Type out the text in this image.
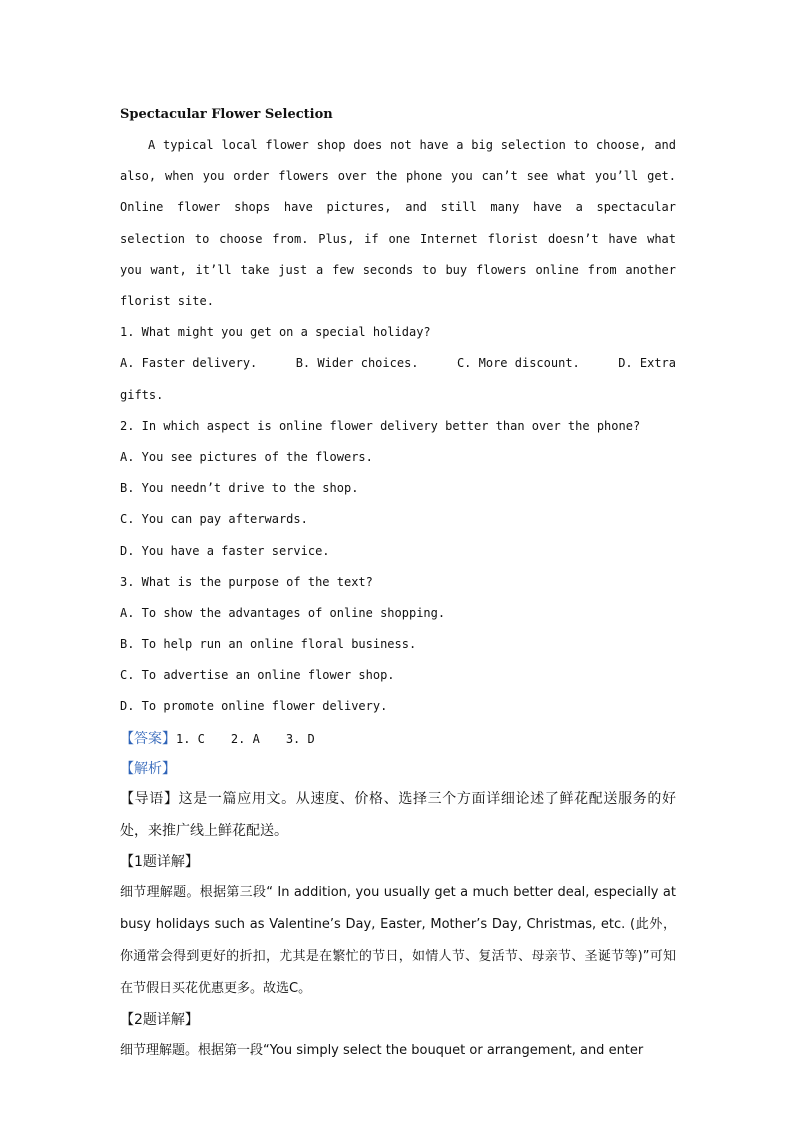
Spectacular Flower Selection
A typical local flower shop does not have a big selection to choose, and also, when you order flowers over the phone you can’t see what you’ll get. Online flower shops have pictures, and still many have a spectacular selection to choose from. Plus, if one Internet florist doesn’t have what you want, it’ll take just a few seconds to buy flowers online from another florist site.
1. What might you get on a special holiday?
A. Faster delivery.	B. Wider choices.	C. More discount.	D. Extra
gifts.
2. In which aspect is online flower delivery better than over the phone?
A. You see pictures of the flowers.
B. You needn’t drive to the shop.
C. You can pay afterwards.
D. You have a faster service.
3. What is the purpose of the text?
A. To show the advantages of online shopping.
B. To help run an online floral business.
C. To advertise an online flower shop.
D. To promote online flower delivery.
【答案】1. C 2. A 3. D
【解析】
【导语】这是一篇应用文。从速度、价格、选择三个方面详细论述了鲜花配送服务的好处，来推广线上鲜花配送。
【1题详解】
细节理解题。根据第三段“ In addition, you usually get a much better deal, especially at busy holidays such as Valentine’s Day, Easter, Mother’s Day, Christmas, etc. (此外，你通常会得到更好的折扣，尤其是在繁忙的节日，如情人节、复活节、母亲节、圣诞节等)”可知在节假日买花优惠更多。故选C。
【2题详解】
细节理解题。根据第一段“You simply select the bouquet or arrangement, and enter
